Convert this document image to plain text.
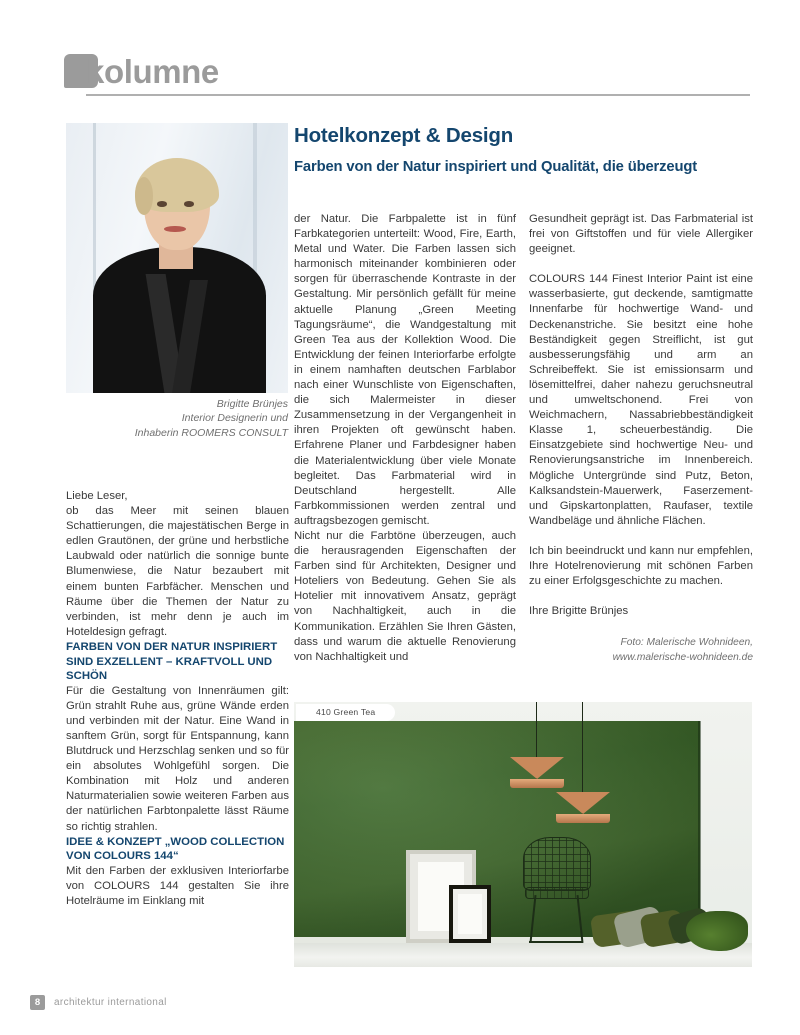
kolumne
Brigitte Brünjes
Interior Designerin und
Inhaberin ROOMERS CONSULT
Hotelkonzept & Design
Farben von der Natur inspiriert und Qualität, die überzeugt

Liebe Leser,

ob das Meer mit seinen blauen Schattierungen, die majestätischen Berge in edlen Grautönen, der grüne und herbstliche Laubwald oder natürlich die sonnige bunte Blumenwiese, die Natur bezaubert mit einem bunten Farbfächer. Menschen und Räume über die Themen der Natur zu verbinden, ist mehr denn je auch im Hoteldesign gefragt.

FARBEN VON DER NATUR INSPIRIERT SIND EXZELLENT – KRAFTVOLL UND SCHÖN

Für die Gestaltung von Innenräumen gilt: Grün strahlt Ruhe aus, grüne Wände erden und verbinden mit der Natur. Eine Wand in sanftem Grün, sorgt für Entspannung, kann Blutdruck und Herzschlag senken und so für ein absolutes Wohlgefühl sorgen. Die Kombination mit Holz und anderen Naturmaterialien sowie weiteren Farben aus der natürlichen Farbtonpalette lässt Räume so richtig strahlen.

IDEE & KONZEPT „WOOD COLLECTION VON COLOURS 144“

Mit den Farben der exklusiven Interiorfarbe von COLOURS 144 gestalten Sie ihre Hotelräume im Einklang mit

der Natur. Die Farbpalette ist in fünf Farbkategorien unterteilt: Wood, Fire, Earth, Metal und Water. Die Farben lassen sich harmonisch miteinander kombinieren oder sorgen für überraschende Kontraste in der Gestaltung. Mir persönlich gefällt für meine aktuelle Planung „Green Meeting Tagungsräume“, die Wandgestaltung mit Green Tea aus der Kollektion Wood. Die Entwicklung der feinen Interiorfarbe erfolgte in einem namhaften deutschen Farblabor nach einer Wunschliste von Eigenschaften, die sich Malermeister in dieser Zusammensetzung in der Vergangenheit in ihren Projekten oft gewünscht haben. Erfahrene Planer und Farbdesigner haben die Materialentwicklung über viele Monate begleitet. Das Farbmaterial wird in Deutschland hergestellt. Alle Farbkommissionen werden zentral und auftragsbezogen gemischt.

Nicht nur die Farbtöne überzeugen, auch die herausragenden Eigenschaften der Farben sind für Architekten, Designer und Hoteliers von Bedeutung. Gehen Sie als Hotelier mit innovativem Ansatz, geprägt von Nachhaltigkeit, auch in die Kommunikation. Erzählen Sie Ihren Gästen, dass und warum die aktuelle Renovierung von Nachhaltigkeit und

Gesundheit geprägt ist. Das Farbmaterial ist frei von Giftstoffen und für viele Allergiker geeignet.

COLOURS 144 Finest Interior Paint ist eine wasserbasierte, gut deckende, samtigmatte Innenfarbe für hochwertige Wand- und Deckenanstriche. Sie besitzt eine hohe Beständigkeit gegen Streiflicht, ist gut ausbesserungsfähig und arm an Schreibeffekt. Sie ist emissionsarm und lösemittelfrei, daher nahezu geruchsneutral und umweltschonend. Frei von Weichmachern, Nassabriebbeständigkeit Klasse 1, scheuerbeständig. Die Einsatzgebiete sind hochwertige Neu- und Renovierungsanstriche im Innenbereich. Mögliche Untergründe sind Putz, Beton, Kalksandstein-Mauerwerk, Faserzement- und Gipskartonplatten, Raufaser, textile Wandbeläge und ähnliche Flächen.

Ich bin beeindruckt und kann nur empfehlen, Ihre Hotelrenovierung mit schönen Farben zu einer Erfolgsgeschichte zu machen.

Ihre Brigitte Brünjes

Foto: Malerische Wohnideen,
www.malerische-wohnideen.de
410 Green Tea
8	architektur international
